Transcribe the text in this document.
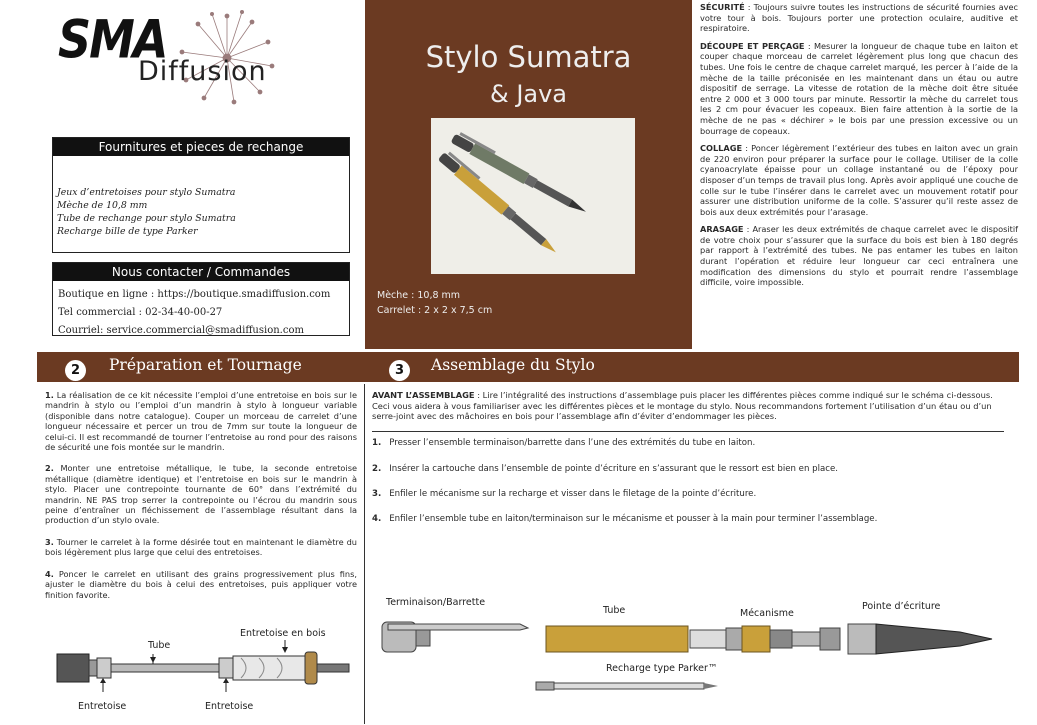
SMA
Diffusion
Fournitures et pieces de rechange
Jeux d’entretoises pour stylo Sumatra
Mèche de 10,8 mm
Tube de rechange pour stylo Sumatra
Recharge bille de type Parker
Nous contacter / Commandes
Boutique en ligne : https://boutique.smadiffusion.com
Tel commercial : 02-34-40-00-27
Courriel: service.commercial@smadiffusion.com
Stylo Sumatra
& Java
Mèche : 10,8 mm
Carrelet : 2 x 2 x 7,5 cm

SÉCURITÉ : Toujours suivre toutes les instructions de sécurité fournies avec votre tour à bois. Toujours porter une protection oculaire, auditive et respiratoire.

DÉCOUPE ET PERÇAGE : Mesurer la longueur de chaque tube en laiton et couper chaque morceau de carrelet légèrement plus long que chacun des tubes. Une fois le centre de chaque carrelet marqué, les percer à l’aide de la mèche de la taille préconisée en les maintenant dans un étau ou autre dispositif de serrage. La vitesse de rotation de la mèche doit être située entre 2 000 et 3 000 tours par minute. Ressortir la mèche du carrelet tous les 2 cm pour évacuer les copeaux. Bien faire attention à la sortie de la mèche de ne pas « déchirer » le bois par une pression excessive ou un bourrage de copeaux.

COLLAGE : Poncer légèrement l’extérieur des tubes en laiton avec un grain de 220 environ pour préparer la surface pour le collage. Utiliser de la colle cyanoacrylate épaisse pour un collage instantané ou de l’époxy pour disposer d’un temps de travail plus long. Après avoir appliqué une couche de colle sur le tube l’insérer dans le carrelet avec un mouvement rotatif pour assurer une distribution uniforme de la colle. S’assurer qu’il reste assez de bois aux deux extrémités pour l’arasage.

ARASAGE : Araser les deux extrémités de chaque carrelet avec le dispositif de votre choix pour s’assurer que la surface du bois est bien à 180 degrés par rapport à l’extrémité des tubes. Ne pas entamer les tubes en laiton durant l’opération et réduire leur longueur car ceci entraînera une modification des dimensions du stylo et pourrait rendre l’assemblage difficile, voire impossible.

2	Préparation et Tournage	3	Assemblage du Stylo

1. La réalisation de ce kit nécessite l’emploi d’une entretoise en bois sur le mandrin à stylo ou l’emploi d’un mandrin à stylo à longueur variable (disponible dans notre catalogue). Couper un morceau de carrelet d’une longueur nécessaire et percer un trou de 7mm sur toute la longueur de celui-ci. Il est recommandé de tourner l’entretoise au rond pour des raisons de sécurité une fois montée sur le mandrin.

2. Monter une entretoise métallique, le tube, la seconde entretoise métallique (diamètre identique) et l’entretoise en bois sur le mandrin à stylo. Placer une contrepointe tournante de 60° dans l’extrémité du mandrin. NE PAS trop serrer la contrepointe ou l’écrou du mandrin sous peine d’entraîner un fléchissement de l’assemblage résultant dans la production d’un stylo ovale.

3. Tourner le carrelet à la forme désirée tout en maintenant le diamètre du bois légèrement plus large que celui des entretoises.

4. Poncer le carrelet en utilisant des grains progressivement plus fins, ajuster le diamètre du bois à celui des entretoises, puis appliquer votre finition favorite.

Tube
Entretoise en bois
Entretoise	Entretoise
AVANT L’ASSEMBLAGE : Lire l’intégralité des instructions d’assemblage puis placer les différentes pièces comme indiqué sur le schéma ci-dessous. Ceci vous aidera à vous familiariser avec les différentes pièces et le montage du stylo. Nous recommandons fortement l’utilisation d’un étau ou d’un serre-joint avec des mâchoires en bois pour l’assemblage afin d’éviter d’endommager les pièces.
1. Presser l’ensemble terminaison/barrette dans l’une des extrémités du tube en laiton.
2. Insérer la cartouche dans l’ensemble de pointe d’écriture en s’assurant que le ressort est bien en place.
3. Enfiler le mécanisme sur la recharge et visser dans le filetage de la pointe d’écriture.
4. Enfiler l’ensemble tube en laiton/terminaison sur le mécanisme et pousser à la main pour terminer l’assemblage.
Terminaison/Barrette
Tube	Mécanisme
Pointe d’écriture
Recharge type Parker™
